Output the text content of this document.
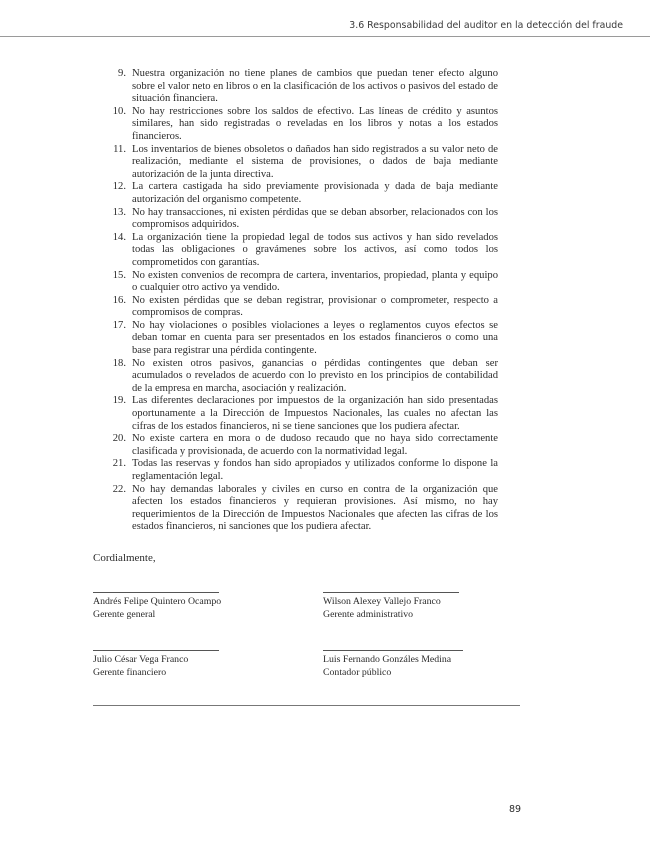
3.6 Responsabilidad del auditor en la detección del fraude
9. Nuestra organización no tiene planes de cambios que puedan tener efecto alguno sobre el valor neto en libros o en la clasificación de los activos o pasivos del estado de situación financiera.
10. No hay restricciones sobre los saldos de efectivo. Las líneas de crédito y asuntos similares, han sido registradas o reveladas en los libros y notas a los estados financieros.
11. Los inventarios de bienes obsoletos o dañados han sido registrados a su valor neto de realización, mediante el sistema de provisiones, o dados de baja mediante autorización de la junta directiva.
12. La cartera castigada ha sido previamente provisionada y dada de baja mediante autorización del organismo competente.
13. No hay transacciones, ni existen pérdidas que se deban absorber, relacionados con los compromisos adquiridos.
14. La organización tiene la propiedad legal de todos sus activos y han sido revelados todas las obligaciones o gravámenes sobre los activos, así como todos los comprometidos con garantías.
15. No existen convenios de recompra de cartera, inventarios, propiedad, planta y equipo o cualquier otro activo ya vendido.
16. No existen pérdidas que se deban registrar, provisionar o comprometer, respecto a compromisos de compras.
17. No hay violaciones o posibles violaciones a leyes o reglamentos cuyos efectos se deban tomar en cuenta para ser presentados en los estados financieros o como una base para registrar una pérdida contingente.
18. No existen otros pasivos, ganancias o pérdidas contingentes que deban ser acumulados o revelados de acuerdo con lo previsto en los principios de contabilidad de la empresa en marcha, asociación y realización.
19. Las diferentes declaraciones por impuestos de la organización han sido presentadas oportunamente a la Dirección de Impuestos Nacionales, las cuales no afectan las cifras de los estados financieros, ni se tiene sanciones que los pudiera afectar.
20. No existe cartera en mora o de dudoso recaudo que no haya sido correctamente clasificada y provisionada, de acuerdo con la normatividad legal.
21. Todas las reservas y fondos han sido apropiados y utilizados conforme lo dispone la reglamentación legal.
22. No hay demandas laborales y civiles en curso en contra de la organización que afecten los estados financieros y requieran provisiones. Así mismo, no hay requerimientos de la Dirección de Impuestos Nacionales que afecten las cifras de los estados financieros, ni sanciones que los pudiera afectar.
Cordialmente,
Andrés Felipe Quintero Ocampo
Gerente general
Wilson Alexey Vallejo Franco
Gerente administrativo
Julio César Vega Franco
Gerente financiero
Luis Fernando Gonzáles Medina
Contador público
89
